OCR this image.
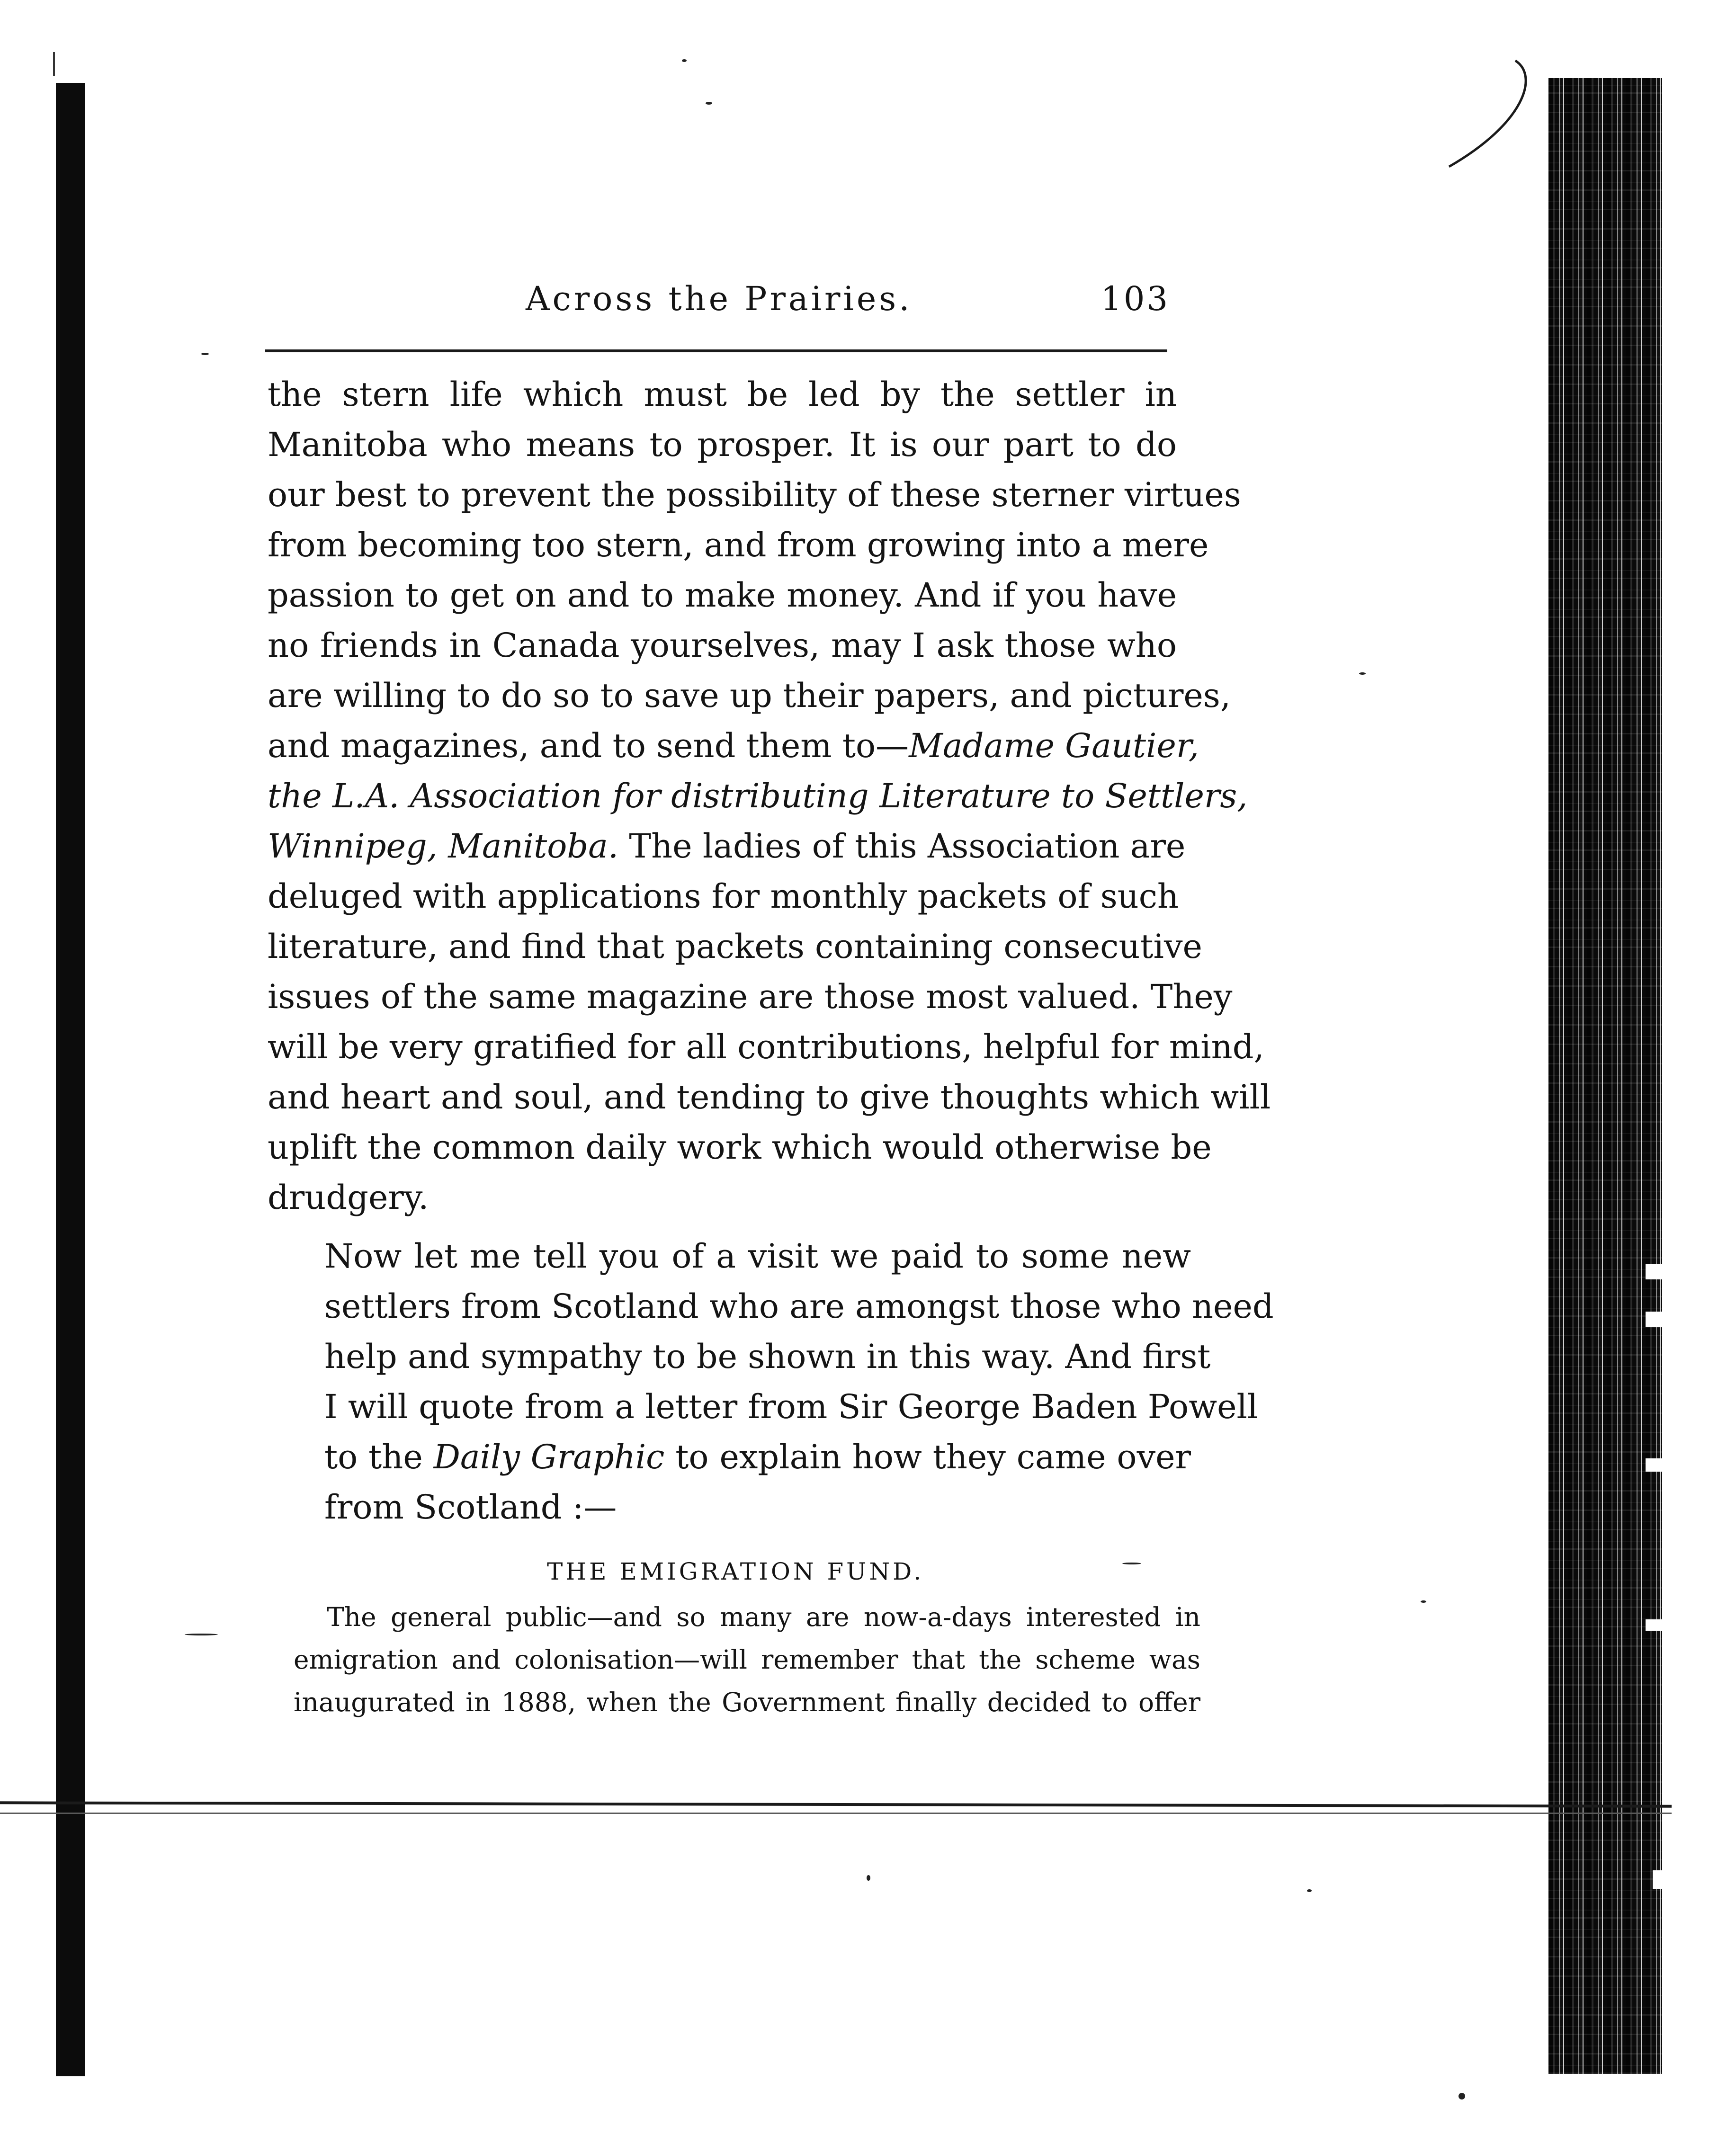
Across the Prairies.	103
the stern life which must be led by the settler in
Manitoba who means to prosper. It is our part to do
our best to prevent the possibility of these sterner virtues
from becoming too stern, and from growing into a mere
passion to get on and to make money. And if you have
no friends in Canada yourselves, may I ask those who
are willing to do so to save up their papers, and pictures,
and magazines, and to send them to—Madame Gautier,
the L.A. Association for distributing Literature to Settlers,
Winnipeg, Manitoba. The ladies of this Association are
deluged with applications for monthly packets of such
literature, and find that packets containing consecutive
issues of the same magazine are those most valued. They
will be very gratified for all contributions, helpful for mind,
and heart and soul, and tending to give thoughts which will
uplift the common daily work which would otherwise be
drudgery.
Now let me tell you of a visit we paid to some new
settlers from Scotland who are amongst those who need
help and sympathy to be shown in this way. And first
I will quote from a letter from Sir George Baden Powell
to the Daily Graphic to explain how they came over
from Scotland :—
THE EMIGRATION FUND.
The general public—and so many are now-a-days interested in
emigration and colonisation—will remember that the scheme was
inaugurated in 1888, when the Government finally decided to offer
